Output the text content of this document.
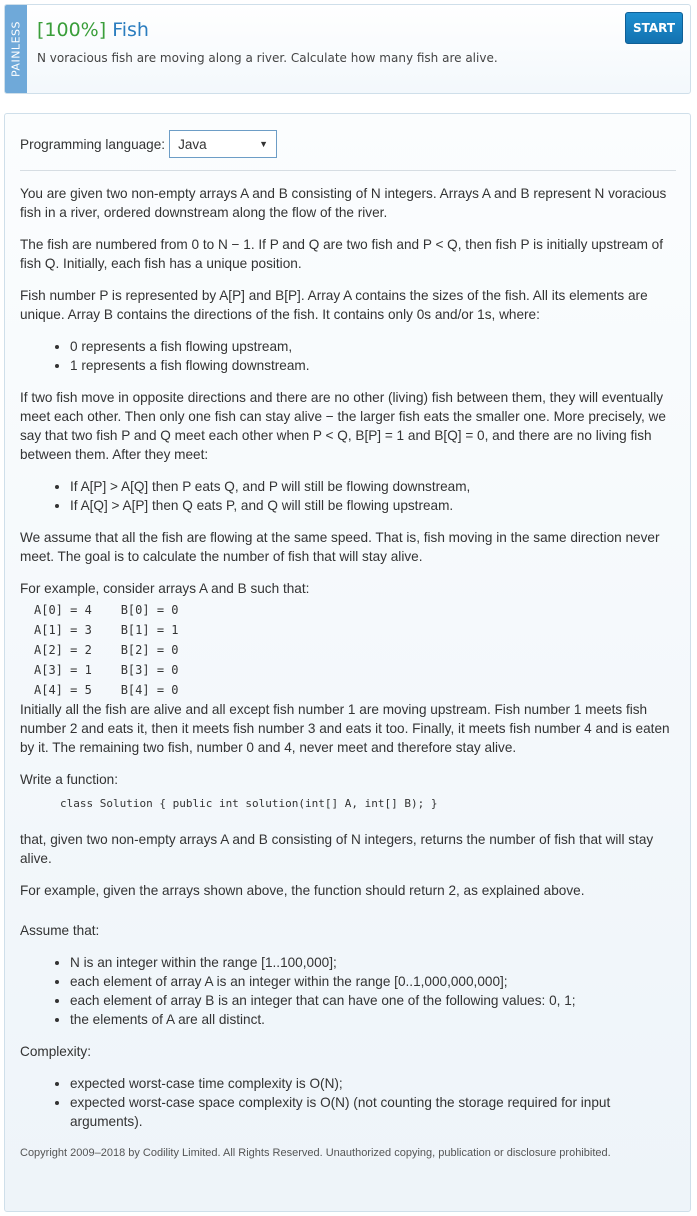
PAINLESS [100%] Fish
N voracious fish are moving along a river. Calculate how many fish are alive.
START
Programming language: Java	▼

You are given two non-empty arrays A and B consisting of N integers. Arrays A and B represent N voracious fish in a river, ordered downstream along the flow of the river.

The fish are numbered from 0 to N − 1. If P and Q are two fish and P < Q, then fish P is initially upstream of fish Q. Initially, each fish has a unique position.

Fish number P is represented by A[P] and B[P]. Array A contains the sizes of the fish. All its elements are unique. Array B contains the directions of the fish. It contains only 0s and/or 1s, where:

• 0 represents a fish flowing upstream,
• 1 represents a fish flowing downstream.

If two fish move in opposite directions and there are no other (living) fish between them, they will eventually meet each other. Then only one fish can stay alive − the larger fish eats the smaller one. More precisely, we say that two fish P and Q meet each other when P < Q, B[P] = 1 and B[Q] = 0, and there are no living fish between them. After they meet:

• If A[P] > A[Q] then P eats Q, and P will still be flowing downstream,
• If A[Q] > A[P] then Q eats P, and Q will still be flowing upstream.

We assume that all the fish are flowing at the same speed. That is, fish moving in the same direction never meet. The goal is to calculate the number of fish that will stay alive.

For example, consider arrays A and B such that:

A[0] = 4    B[0] = 0
A[1] = 3    B[1] = 1
A[2] = 2    B[2] = 0
A[3] = 1    B[3] = 0
A[4] = 5    B[4] = 0

Initially all the fish are alive and all except fish number 1 are moving upstream. Fish number 1 meets fish number 2 and eats it, then it meets fish number 3 and eats it too. Finally, it meets fish number 4 and is eaten by it. The remaining two fish, number 0 and 4, never meet and therefore stay alive.

Write a function:

class Solution { public int solution(int[] A, int[] B); }

that, given two non-empty arrays A and B consisting of N integers, returns the number of fish that will stay alive.

For example, given the arrays shown above, the function should return 2, as explained above.

Assume that:

• N is an integer within the range [1..100,000];
• each element of array A is an integer within the range [0..1,000,000,000];
• each element of array B is an integer that can have one of the following values: 0, 1;
• the elements of A are all distinct.

Complexity:

• expected worst-case time complexity is O(N);
• expected worst-case space complexity is O(N) (not counting the storage required for input arguments).
Copyright 2009–2018 by Codility Limited. All Rights Reserved. Unauthorized copying, publication or disclosure prohibited.
